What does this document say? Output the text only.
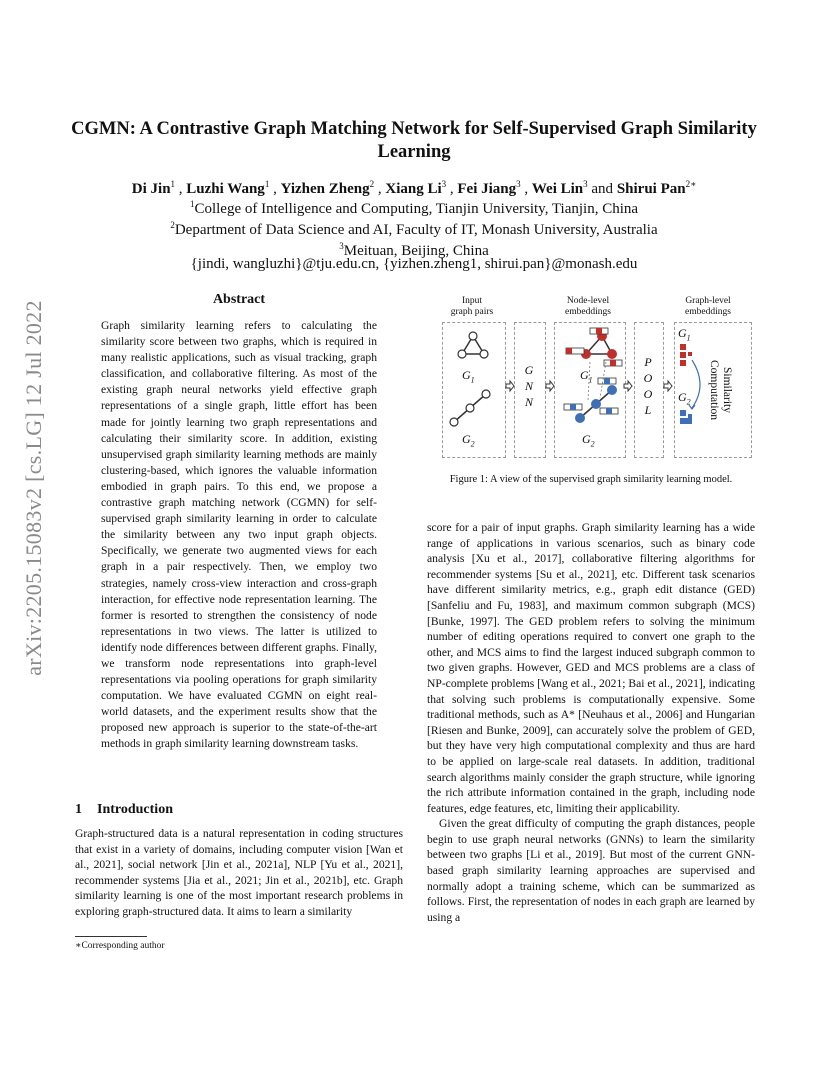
arXiv:2205.15083v2 [cs.LG] 12 Jul 2022
CGMN: A Contrastive Graph Matching Network for Self-Supervised Graph Similarity Learning
Di Jin$^1$ , Luzhi Wang$^1$ , Yizhen Zheng$^2$ , Xiang Li$^3$ , Fei Jiang$^3$ , Wei Lin$^3$ and Shirui Pan$^{2∗}$
$^1$College of Intelligence and Computing, Tianjin University, Tianjin, China
$^2$Department of Data Science and AI, Faculty of IT, Monash University, Australia
$^3$Meituan, Beijing, China
{jindi, wangluzhi}@tju.edu.cn, {yizhen.zheng1, shirui.pan}@monash.edu
Abstract
Graph similarity learning refers to calculating the similarity score between two graphs, which is required in many realistic applications, such as visual tracking, graph classification, and collaborative filtering. As most of the existing graph neural networks yield effective graph representations of a single graph, little effort has been made for jointly learning two graph representations and calculating their similarity score. In addition, existing unsupervised graph similarity learning methods are mainly clustering-based, which ignores the valuable information embodied in graph pairs. To this end, we propose a contrastive graph matching network (CGMN) for self-supervised graph similarity learning in order to calculate the similarity between any two input graph objects. Specifically, we generate two augmented views for each graph in a pair respectively. Then, we employ two strategies, namely cross-view interaction and cross-graph interaction, for effective node representation learning. The former is resorted to strengthen the consistency of node representations in two views. The latter is utilized to identify node differences between different graphs. Finally, we transform node representations into graph-level representations via pooling operations for graph similarity computation. We have evaluated CGMN on eight real-world datasets, and the experiment results show that the proposed new approach is superior to the state-of-the-art methods in graph similarity learning downstream tasks.
1 Introduction
Graph-structured data is a natural representation in coding structures that exist in a variety of domains, including computer vision [Wan et al., 2021], social network [Jin et al., 2021a], NLP [Yu et al., 2021], recommender systems [Jia et al., 2021; Jin et al., 2021b], etc. Graph similarity learning is one of the most important research problems in exploring graph-structured data. It aims to learn a similarity
∗Corresponding author
Input
graph pairs
Node-level
embeddings
Graph-level
embeddings
G
N
N
P
O
O
L
$G_1$
$G_2$
$G_1$
$G_2$
$G_1$
$G_2$	Similarity
Computation
Figure 1: A view of the supervised graph similarity learning model.

score for a pair of input graphs. Graph similarity learning has a wide range of applications in various scenarios, such as binary code analysis [Xu et al., 2017], collaborative filtering algorithms for recommender systems [Su et al., 2021], etc. Different task scenarios have different similarity metrics, e.g., graph edit distance (GED) [Sanfeliu and Fu, 1983], and maximum common subgraph (MCS) [Bunke, 1997]. The GED problem refers to solving the minimum number of editing operations required to convert one graph to the other, and MCS aims to find the largest induced subgraph common to two given graphs. However, GED and MCS problems are a class of NP-complete problems [Wang et al., 2021; Bai et al., 2021], indicating that solving such problems is computationally expensive. Some traditional methods, such as A* [Neuhaus et al., 2006] and Hungarian [Riesen and Bunke, 2009], can accurately solve the problem of GED, but they have very high computational complexity and thus are hard to be applied on large-scale real datasets. In addition, traditional search algorithms mainly consider the graph structure, while ignoring the rich attribute information contained in the graph, including node features, edge features, etc, limiting their applicability.

Given the great difficulty of computing the graph distances, people begin to use graph neural networks (GNNs) to learn the similarity between two graphs [Li et al., 2019]. But most of the current GNN-based graph similarity learning approaches are supervised and normally adopt a training scheme, which can be summarized as follows. First, the representation of nodes in each graph are learned by using a
